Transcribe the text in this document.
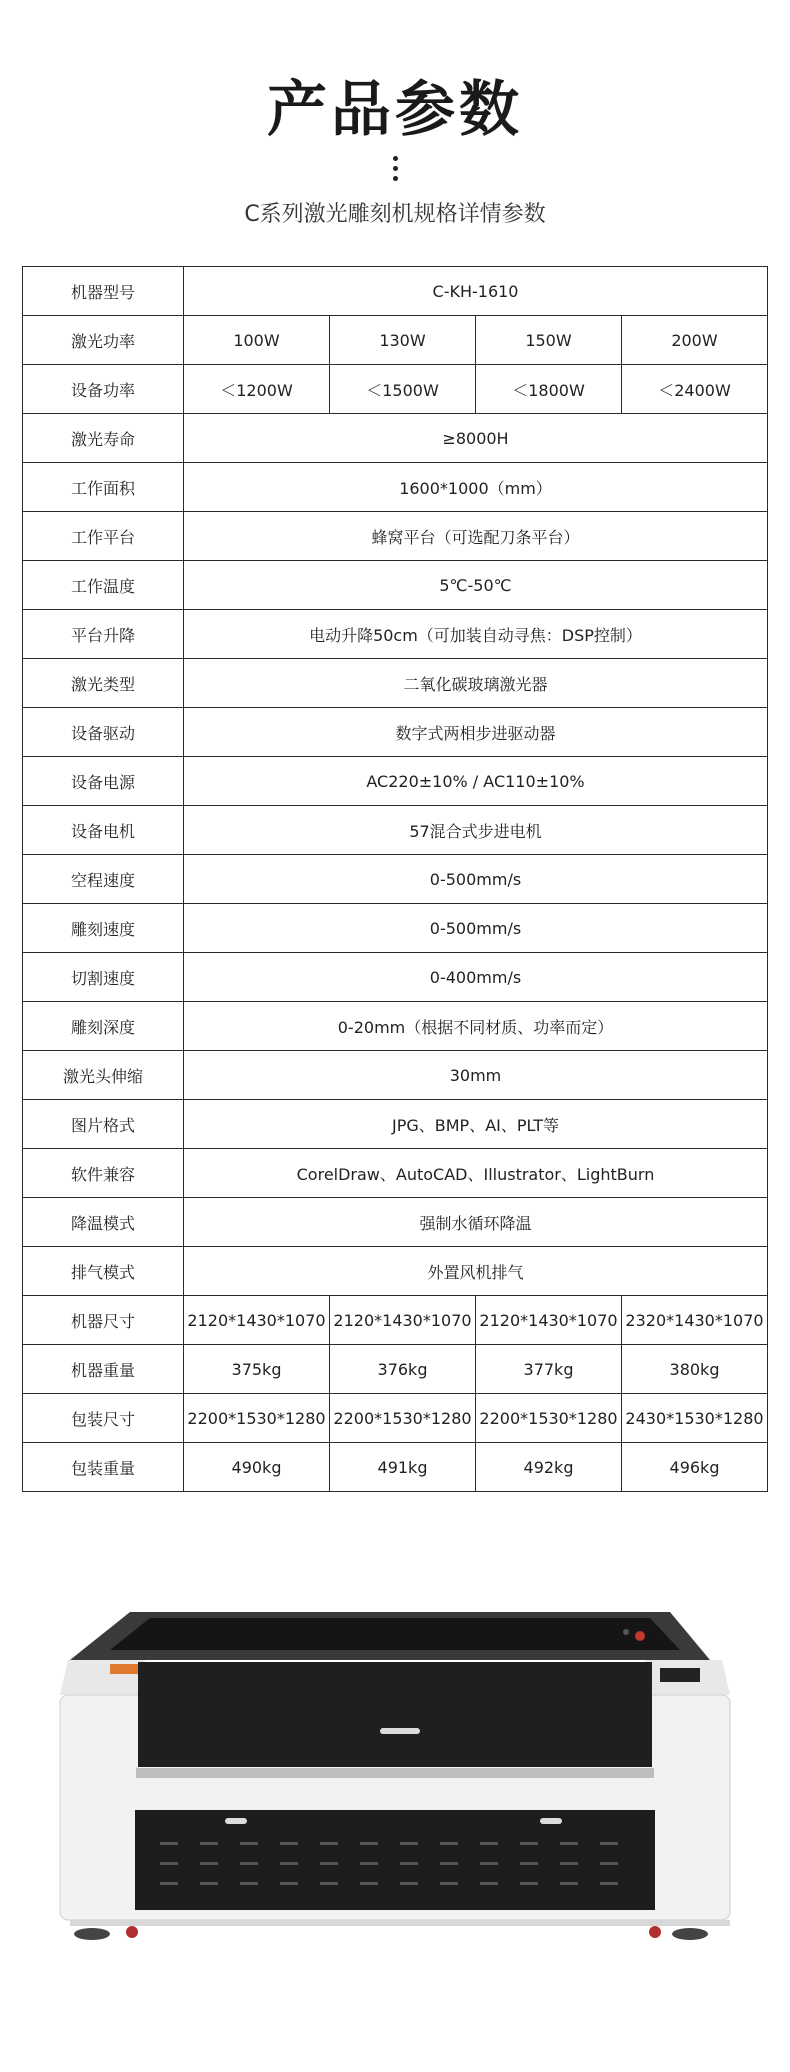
产品参数
C系列激光雕刻机规格详情参数
机器型号	C-KH-1610			
激光功率	100W	130W	150W	200W
设备功率	＜1200W	＜1500W	＜1800W	＜2400W
激光寿命	≥8000H			
工作面积	1600*1000（mm）			
工作平台	蜂窝平台（可选配刀条平台）			
工作温度	5℃-50℃			
平台升降	电动升降50cm（可加装自动寻焦：DSP控制）			
激光类型	二氧化碳玻璃激光器			
设备驱动	数字式两相步进驱动器			
设备电源	AC220±10% / AC110±10%			
设备电机	57混合式步进电机			
空程速度	0-500mm/s			
雕刻速度	0-500mm/s			
切割速度	0-400mm/s			
雕刻深度	0-20mm（根据不同材质、功率而定）			
激光头伸缩	30mm			
图片格式	JPG、BMP、AI、PLT等			
软件兼容	CorelDraw、AutoCAD、Illustrator、LightBurn			
降温模式	强制水循环降温			
排气模式	外置风机排气			
机器尺寸	2120*1430*1070	2120*1430*1070	2120*1430*1070	2320*1430*1070
机器重量	375kg	376kg	377kg	380kg
包装尺寸	2200*1530*1280	2200*1530*1280	2200*1530*1280	2430*1530*1280
包装重量	490kg	491kg	492kg	496kg
